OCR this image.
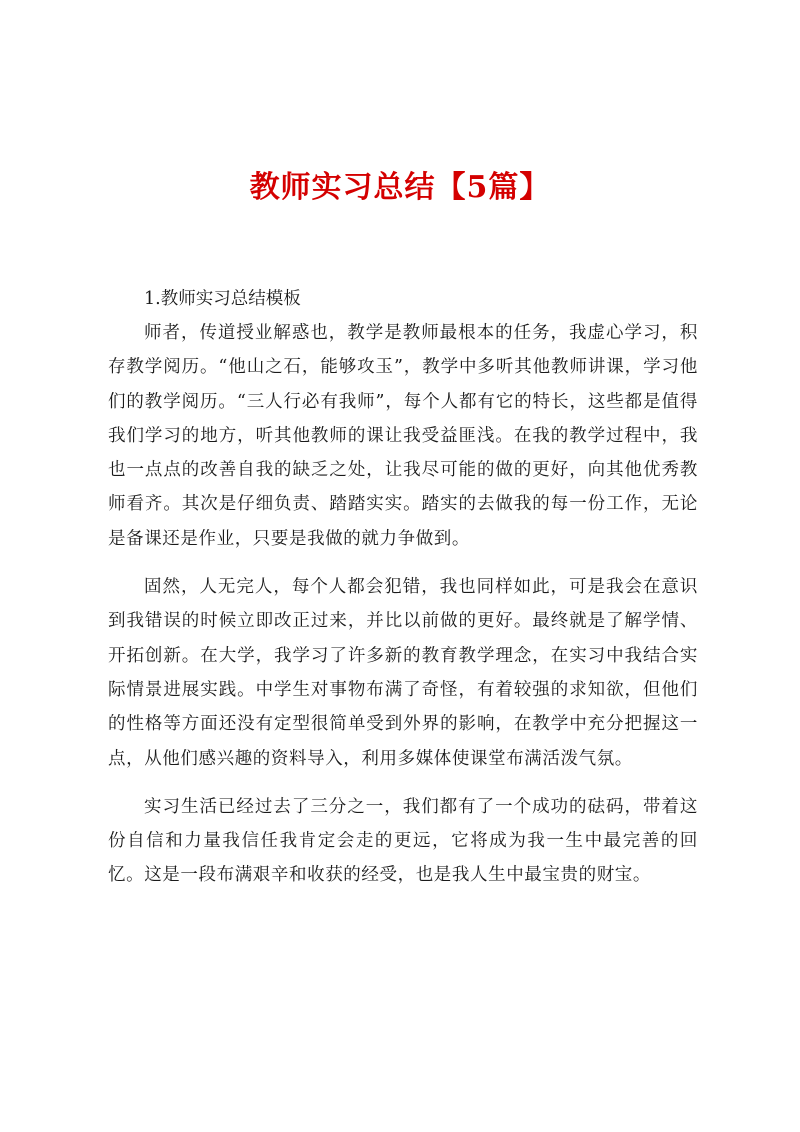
教师实习总结【5篇】

1.教师实习总结模板

师者，传道授业解惑也，教学是教师最根本的任务，我虚心学习，积存教学阅历。“他山之石，能够攻玉”，教学中多听其他教师讲课，学习他们的教学阅历。“三人行必有我师”，每个人都有它的特长，这些都是值得我们学习的地方，听其他教师的课让我受益匪浅。在我的教学过程中，我也一点点的改善自我的缺乏之处，让我尽可能的做的更好，向其他优秀教师看齐。其次是仔细负责、踏踏实实。踏实的去做我的每一份工作，无论是备课还是作业，只要是我做的就力争做到。

固然，人无完人，每个人都会犯错，我也同样如此，可是我会在意识到我错误的时候立即改正过来，并比以前做的更好。最终就是了解学情、开拓创新。在大学，我学习了许多新的教育教学理念，在实习中我结合实际情景进展实践。中学生对事物布满了奇怪，有着较强的求知欲，但他们的性格等方面还没有定型很简单受到外界的影响，在教学中充分把握这一点，从他们感兴趣的资料导入，利用多媒体使课堂布满活泼气氛。

实习生活已经过去了三分之一，我们都有了一个成功的砝码，带着这份自信和力量我信任我肯定会走的更远，它将成为我一生中最完善的回忆。这是一段布满艰辛和收获的经受，也是我人生中最宝贵的财宝。
